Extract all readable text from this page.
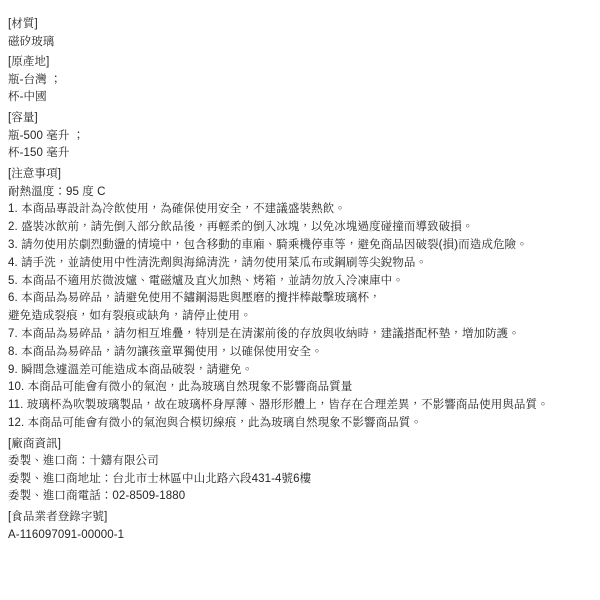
[材質]
磁矽玻璃
[原產地]
瓶-台灣 ；
杯-中國
[容量]
瓶-500 毫升 ；
杯-150 毫升
[注意事項]
耐熱溫度：95 度 C
1. 本商品專設計為冷飲使用，為確保使用安全，不建議盛裝熱飲。
2. 盛裝冰飲前，請先倒入部分飲品後，再輕柔的倒入冰塊，以免冰塊過度碰撞而導致破損。
3. 請勿使用於劇烈動盪的情境中，包含移動的車廂、騎乘機停車等，避免商品因破裂(損)而造成危險。
4. 請手洗，並請使用中性清洗劑與海綿清洗，請勿使用菜瓜布或鋼刷等尖銳物品。
5. 本商品不適用於微波爐、電磁爐及直火加熱、烤箱，並請勿放入冷凍庫中。
6. 本商品為易碎品，請避免使用不鏽鋼湯匙與壓磨的攪拌棒敲擊玻璃杯，
避免造成裂痕，如有裂痕或缺角，請停止使用。
7. 本商品為易碎品，請勿相互堆疊，特別是在清潔前後的存放與收納時，建議搭配杯墊，增加防護。
8. 本商品為易碎品，請勿讓孩童單獨使用，以確保使用安全。
9. 瞬間急遽溫差可能造成本商品破裂，請避免。
10. 本商品可能會有微小的氣泡，此為玻璃自然現象不影響商品質量
11. 玻璃杯為吹製玻璃製品，故在玻璃杯身厚薄、器形形體上，皆存在合理差異，不影響商品使用與品質。
12. 本商品可能會有微小的氣泡與合模切線痕，此為玻璃自然現象不影響商品質。
[廠商資訊]
委製、進口商：十鑄有限公司
委製、進口商地址：台北市士林區中山北路六段431-4號6樓
委製、進口商電話：02-8509-1880
[食品業者登錄字號]
A-116097091-00000-1
